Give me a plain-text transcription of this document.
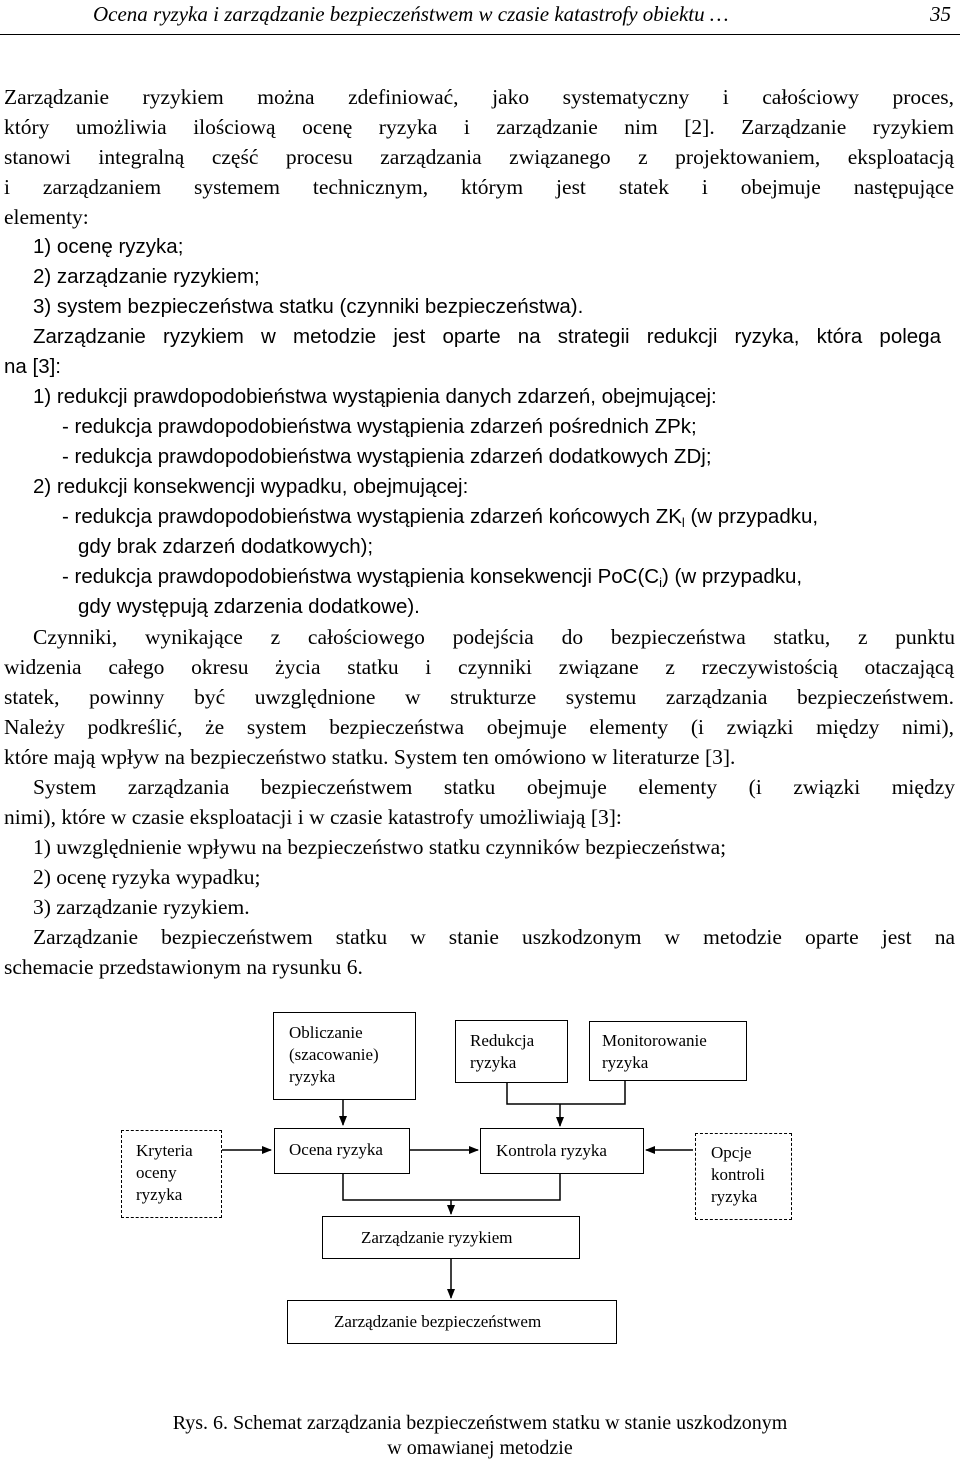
Ocena ryzyka i zarządzanie bezpieczeństwem w czasie katastrofy obiektu …	35
Zarządzanie ryzykiem można zdefiniować, jako systematyczny i całościowy proces,
który umożliwia ilościową ocenę ryzyka i zarządzanie nim [2]. Zarządzanie ryzykiem
stanowi integralną część procesu zarządzania związanego z projektowaniem, eksploatacją
i zarządzaniem systemem technicznym, którym jest statek i obejmuje następujące
elementy:
1) ocenę ryzyka;
2) zarządzanie ryzykiem;
3) system bezpieczeństwa statku (czynniki bezpieczeństwa).
Zarządzanie ryzykiem w metodzie jest oparte na strategii redukcji ryzyka, która polega
na [3]:
1) redukcji prawdopodobieństwa wystąpienia danych zdarzeń, obejmującej:
- redukcja prawdopodobieństwa wystąpienia zdarzeń pośrednich ZPk;
- redukcja prawdopodobieństwa wystąpienia zdarzeń dodatkowych ZDj;
2) redukcji konsekwencji wypadku, obejmującej:
- redukcja prawdopodobieństwa wystąpienia zdarzeń końcowych $ZK_l$ (w przypadku,
gdy brak zdarzeń dodatkowych);
- redukcja prawdopodobieństwa wystąpienia konsekwencji $PoC(C_i)$ (w przypadku,
gdy występują zdarzenia dodatkowe).
Czynniki, wynikające z całościowego podejścia do bezpieczeństwa statku, z punktu
widzenia całego okresu życia statku i czynniki związane z rzeczywistością otaczającą
statek, powinny być uwzględnione w strukturze systemu zarządzania bezpieczeństwem.
Należy podkreślić, że system bezpieczeństwa obejmuje elementy (i związki między nimi),
które mają wpływ na bezpieczeństwo statku. System ten omówiono w literaturze [3].
System zarządzania bezpieczeństwem statku obejmuje elementy (i związki między
nimi), które w czasie eksploatacji i w czasie katastrofy umożliwiają [3]:
1) uwzględnienie wpływu na bezpieczeństwo statku czynników bezpieczeństwa;
2) ocenę ryzyka wypadku;
3) zarządzanie ryzykiem.
Zarządzanie bezpieczeństwem statku w stanie uszkodzonym w metodzie oparte jest na
schemacie przedstawionym na rysunku 6.
Obliczanie
(szacowanie)
ryzyka
Redukcja
ryzyka
Monitorowanie
ryzyka
Kryteria
oceny
ryzyka
Ocena ryzyka	Kontrola ryzyka	Opcje
kontroli
ryzyka
Zarządzanie ryzykiem
Zarządzanie bezpieczeństwem
Rys. 6. Schemat zarządzania bezpieczeństwem statku w stanie uszkodzonym
w omawianej metodzie
